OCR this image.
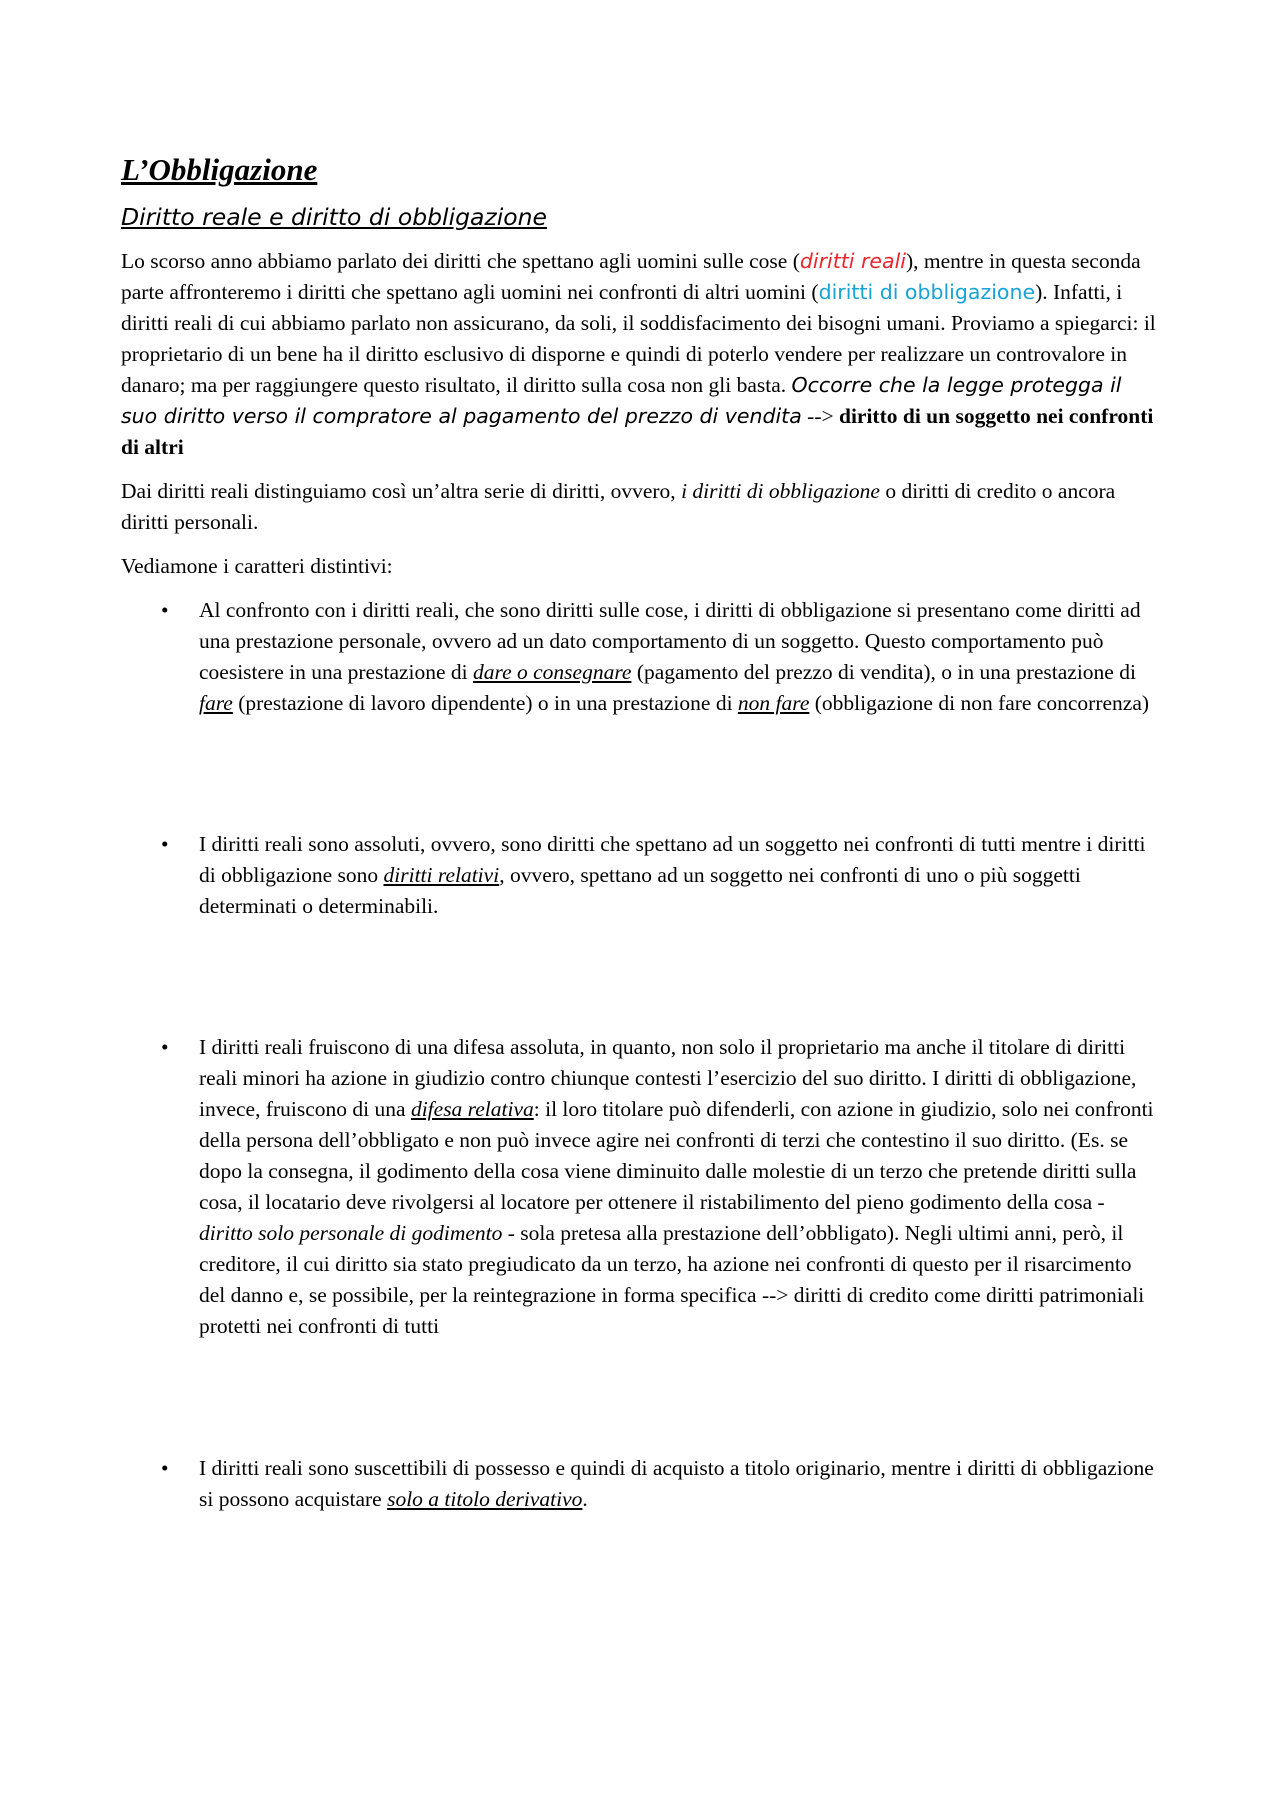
L’Obbligazione
Diritto reale e diritto di obbligazione

Lo scorso anno abbiamo parlato dei diritti che spettano agli uomini sulle cose (diritti reali), mentre in questa seconda parte affronteremo i diritti che spettano agli uomini nei confronti di altri uomini (diritti di obbligazione). Infatti, i diritti reali di cui abbiamo parlato non assicurano, da soli, il soddisfacimento dei bisogni umani. Proviamo a spiegarci: il proprietario di un bene ha il diritto esclusivo di disporne e quindi di poterlo vendere per realizzare un controvalore in danaro; ma per raggiungere questo risultato, il diritto sulla cosa non gli basta. Occorre che la legge protegga il suo diritto verso il compratore al pagamento del prezzo di vendita --> diritto di un soggetto nei confronti di altri

Dai diritti reali distinguiamo così un’altra serie di diritti, ovvero, i diritti di obbligazione o diritti di credito o ancora diritti personali.

Vediamone i caratteri distintivi:

• Al confronto con i diritti reali, che sono diritti sulle cose, i diritti di obbligazione si presentano come diritti ad una prestazione personale, ovvero ad un dato comportamento di un soggetto. Questo comportamento può coesistere in una prestazione di dare o consegnare (pagamento del prezzo di vendita), o in una prestazione di fare (prestazione di lavoro dipendente) o in una prestazione di non fare (obbligazione di non fare concorrenza)
• I diritti reali sono assoluti, ovvero, sono diritti che spettano ad un soggetto nei confronti di tutti mentre i diritti di obbligazione sono diritti relativi, ovvero, spettano ad un soggetto nei confronti di uno o più soggetti determinati o determinabili.
• I diritti reali fruiscono di una difesa assoluta, in quanto, non solo il proprietario ma anche il titolare di diritti reali minori ha azione in giudizio contro chiunque contesti l’esercizio del suo diritto. I diritti di obbligazione, invece, fruiscono di una difesa relativa: il loro titolare può difenderli, con azione in giudizio, solo nei confronti della persona dell’obbligato e non può invece agire nei confronti di terzi che contestino il suo diritto. (Es. se dopo la consegna, il godimento della cosa viene diminuito dalle molestie di un terzo che pretende diritti sulla cosa, il locatario deve rivolgersi al locatore per ottenere il ristabilimento del pieno godimento della cosa - diritto solo personale di godimento - sola pretesa alla prestazione dell’obbligato). Negli ultimi anni, però, il creditore, il cui diritto sia stato pregiudicato da un terzo, ha azione nei confronti di questo per il risarcimento del danno e, se possibile, per la reintegrazione in forma specifica --> diritti di credito come diritti patrimoniali protetti nei confronti di tutti
• I diritti reali sono suscettibili di possesso e quindi di acquisto a titolo originario, mentre i diritti di obbligazione si possono acquistare solo a titolo derivativo.
